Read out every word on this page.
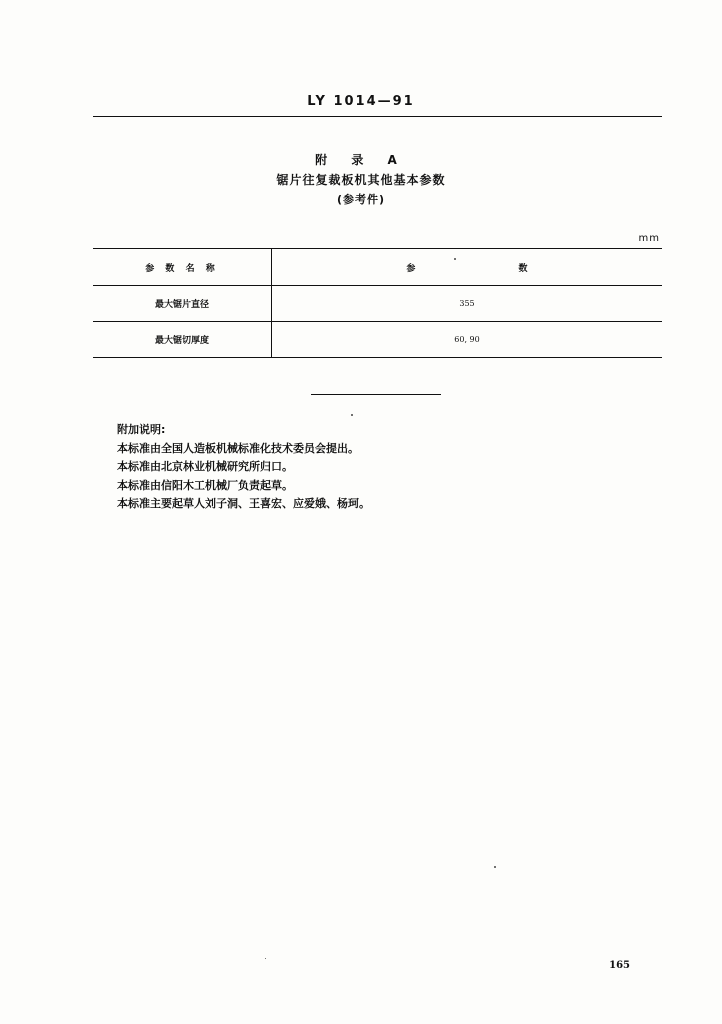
LY 1014—91
附 录 A
锯片往复裁板机其他基本参数
(参考件)
mm
参 数 名 称	参 数
最大锯片直径	355
最大锯切厚度	60, 90
附加说明:
本标准由全国人造板机械标准化技术委员会提出。
本标准由北京林业机械研究所归口。
本标准由信阳木工机械厂负责起草。
本标准主要起草人刘子洞、王喜宏、应爱娥、杨珂。
165
